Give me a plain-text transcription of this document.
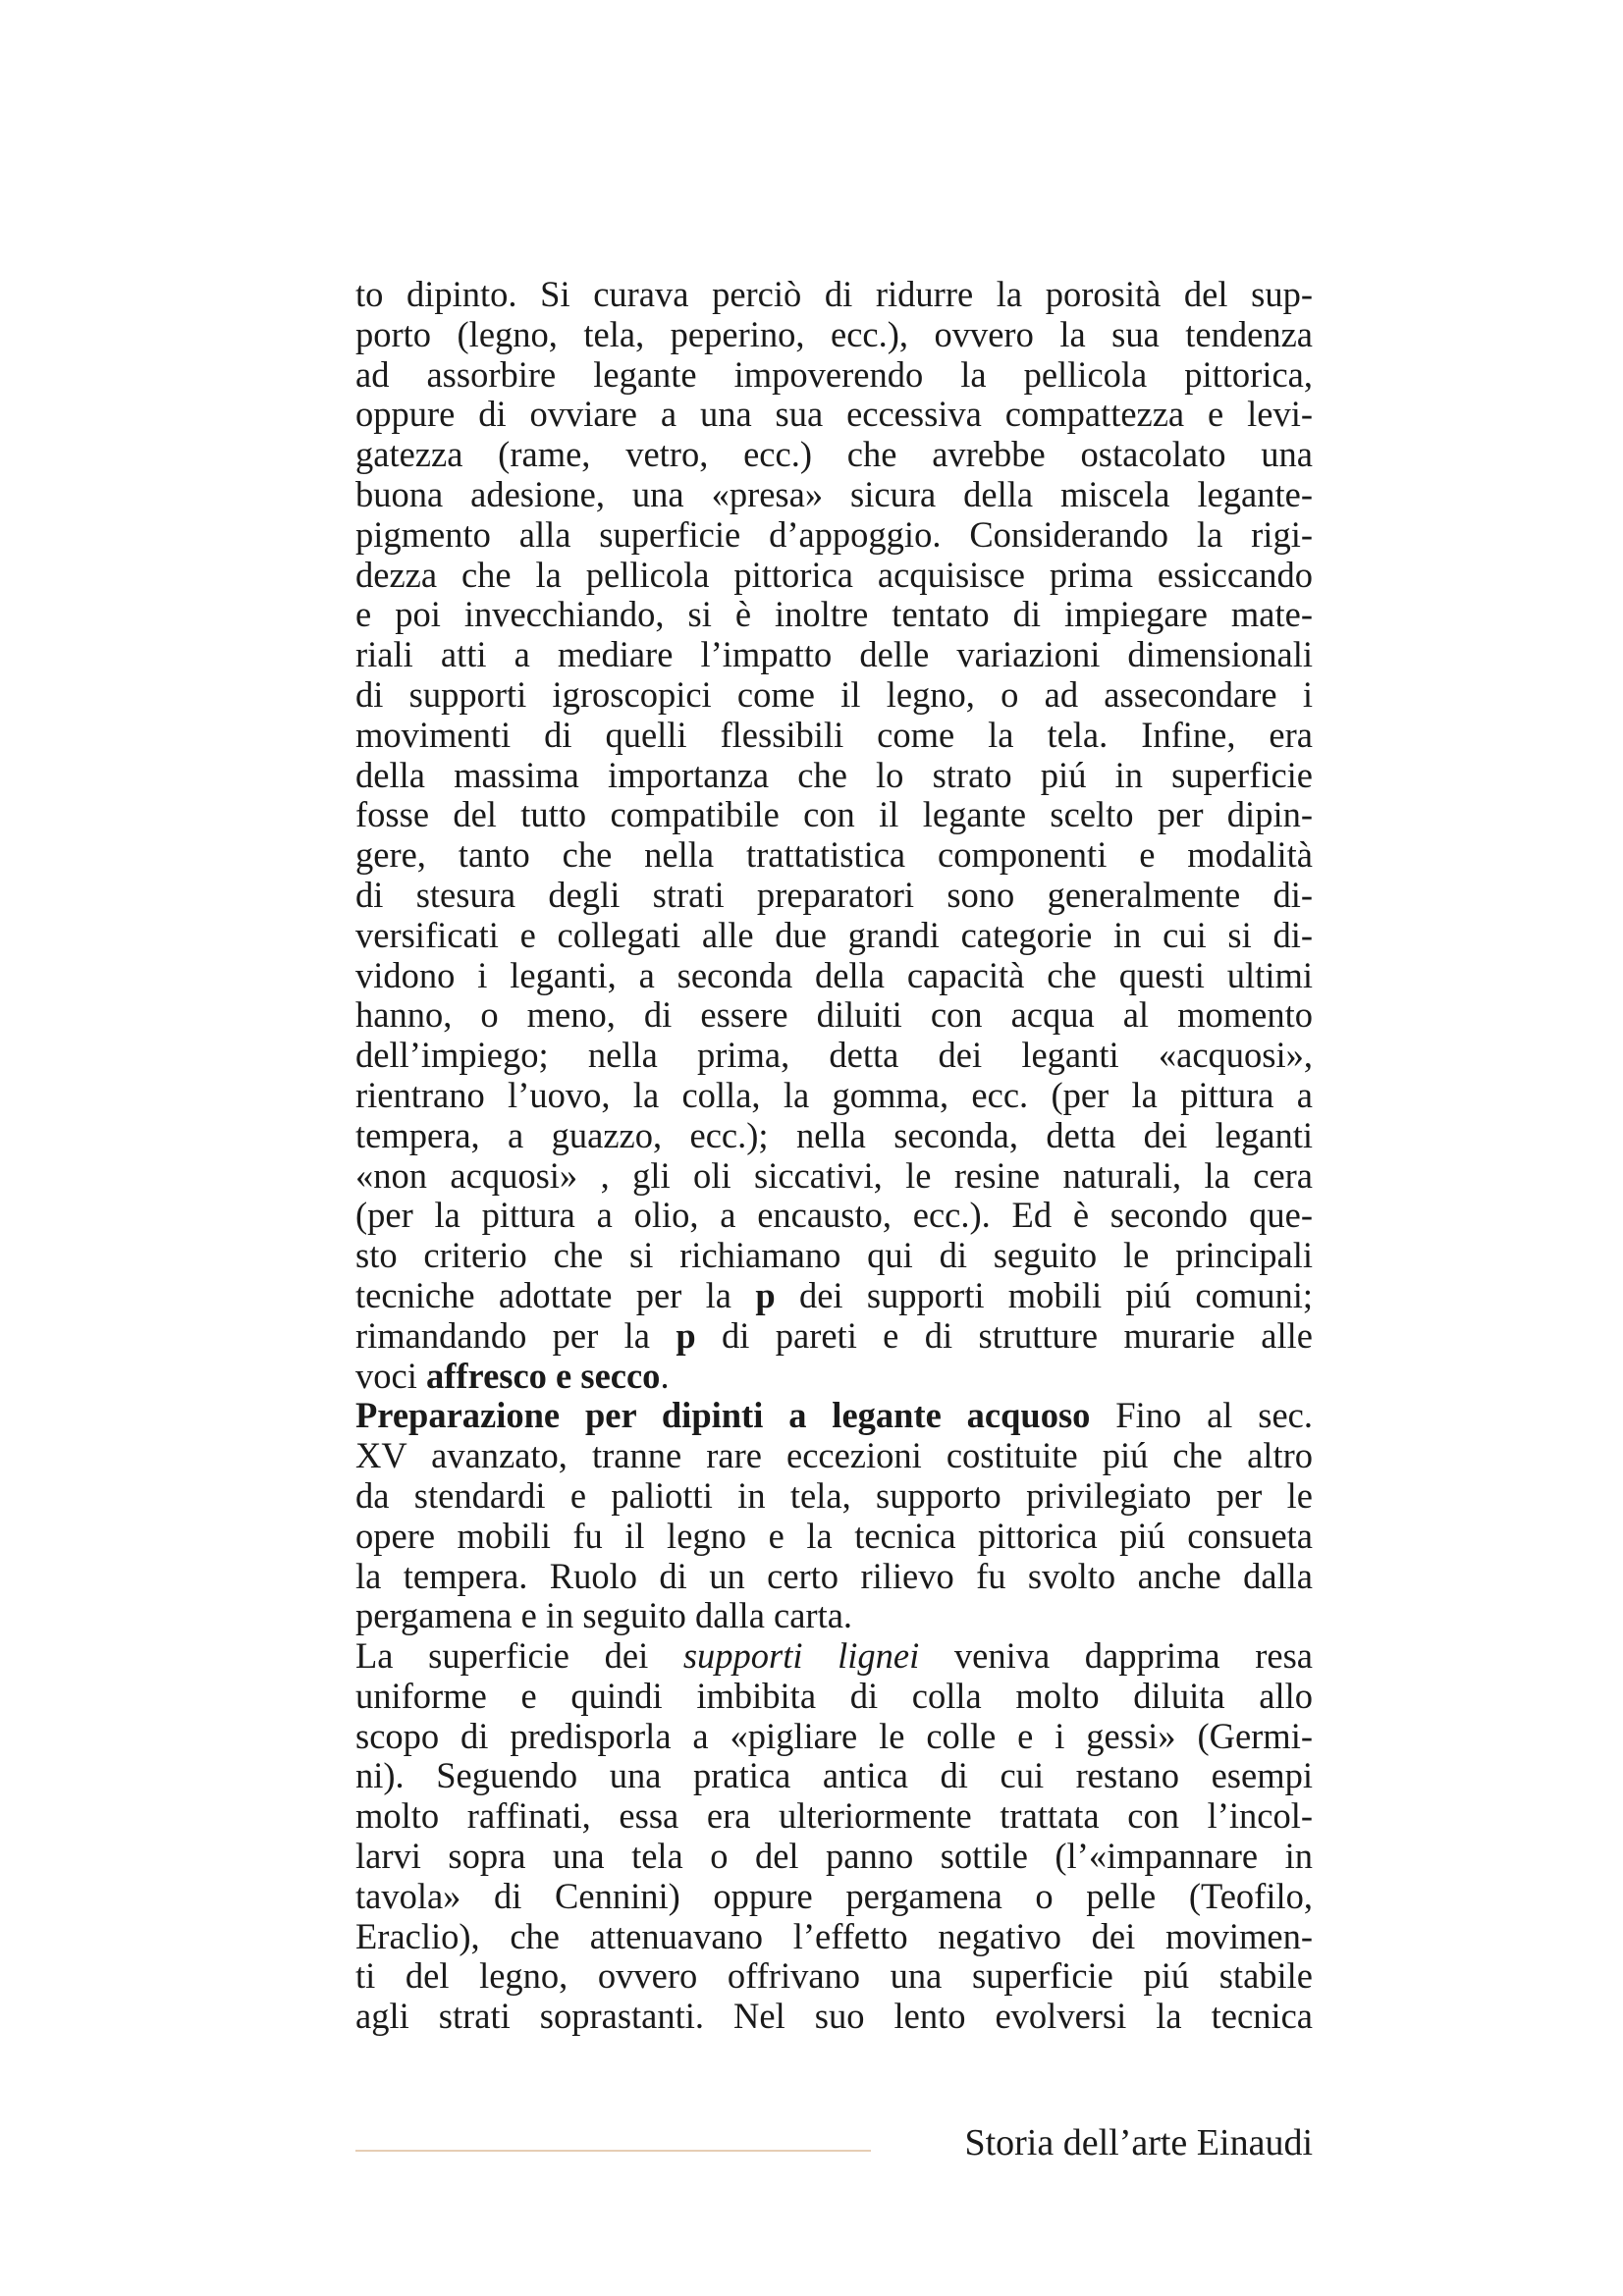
to dipinto. Si curava perciò di ridurre la porosità del sup-
porto (legno, tela, peperino, ecc.), ovvero la sua tendenza
ad assorbire legante impoverendo la pellicola pittorica,
oppure di ovviare a una sua eccessiva compattezza e levi-
gatezza (rame, vetro, ecc.) che avrebbe ostacolato una
buona adesione, una «presa» sicura della miscela legante-
pigmento alla superficie d’appoggio. Considerando la rigi-
dezza che la pellicola pittorica acquisisce prima essiccando
e poi invecchiando, si è inoltre tentato di impiegare mate-
riali atti a mediare l’impatto delle variazioni dimensionali
di supporti igroscopici come il legno, o ad assecondare i
movimenti di quelli flessibili come la tela. Infine, era
della massima importanza che lo strato piú in superficie
fosse del tutto compatibile con il legante scelto per dipin-
gere, tanto che nella trattatistica componenti e modalità
di stesura degli strati preparatori sono generalmente di-
versificati e collegati alle due grandi categorie in cui si di-
vidono i leganti, a seconda della capacità che questi ultimi
hanno, o meno, di essere diluiti con acqua al momento
dell’impiego; nella prima, detta dei leganti «acquosi»,
rientrano l’uovo, la colla, la gomma, ecc. (per la pittura a
tempera, a guazzo, ecc.); nella seconda, detta dei leganti
«non acquosi» , gli oli siccativi, le resine naturali, la cera
(per la pittura a olio, a encausto, ecc.). Ed è secondo que-
sto criterio che si richiamano qui di seguito le principali
tecniche adottate per la p dei supporti mobili piú comuni;
rimandando per la p di pareti e di strutture murarie alle
voci affresco e secco.
Preparazione per dipinti a legante acquoso Fino al sec.
XV avanzato, tranne rare eccezioni costituite piú che altro
da stendardi e paliotti in tela, supporto privilegiato per le
opere mobili fu il legno e la tecnica pittorica piú consueta
la tempera. Ruolo di un certo rilievo fu svolto anche dalla
pergamena e in seguito dalla carta.
La superficie dei supporti lignei veniva dapprima resa
uniforme e quindi imbibita di colla molto diluita allo
scopo di predisporla a «pigliare le colle e i gessi» (Germi-
ni). Seguendo una pratica antica di cui restano esempi
molto raffinati, essa era ulteriormente trattata con l’incol-
larvi sopra una tela o del panno sottile (l’«impannare in
tavola» di Cennini) oppure pergamena o pelle (Teofilo,
Eraclio), che attenuavano l’effetto negativo dei movimen-
ti del legno, ovvero offrivano una superficie piú stabile
agli strati soprastanti. Nel suo lento evolversi la tecnica
Storia dell’arte Einaudi
